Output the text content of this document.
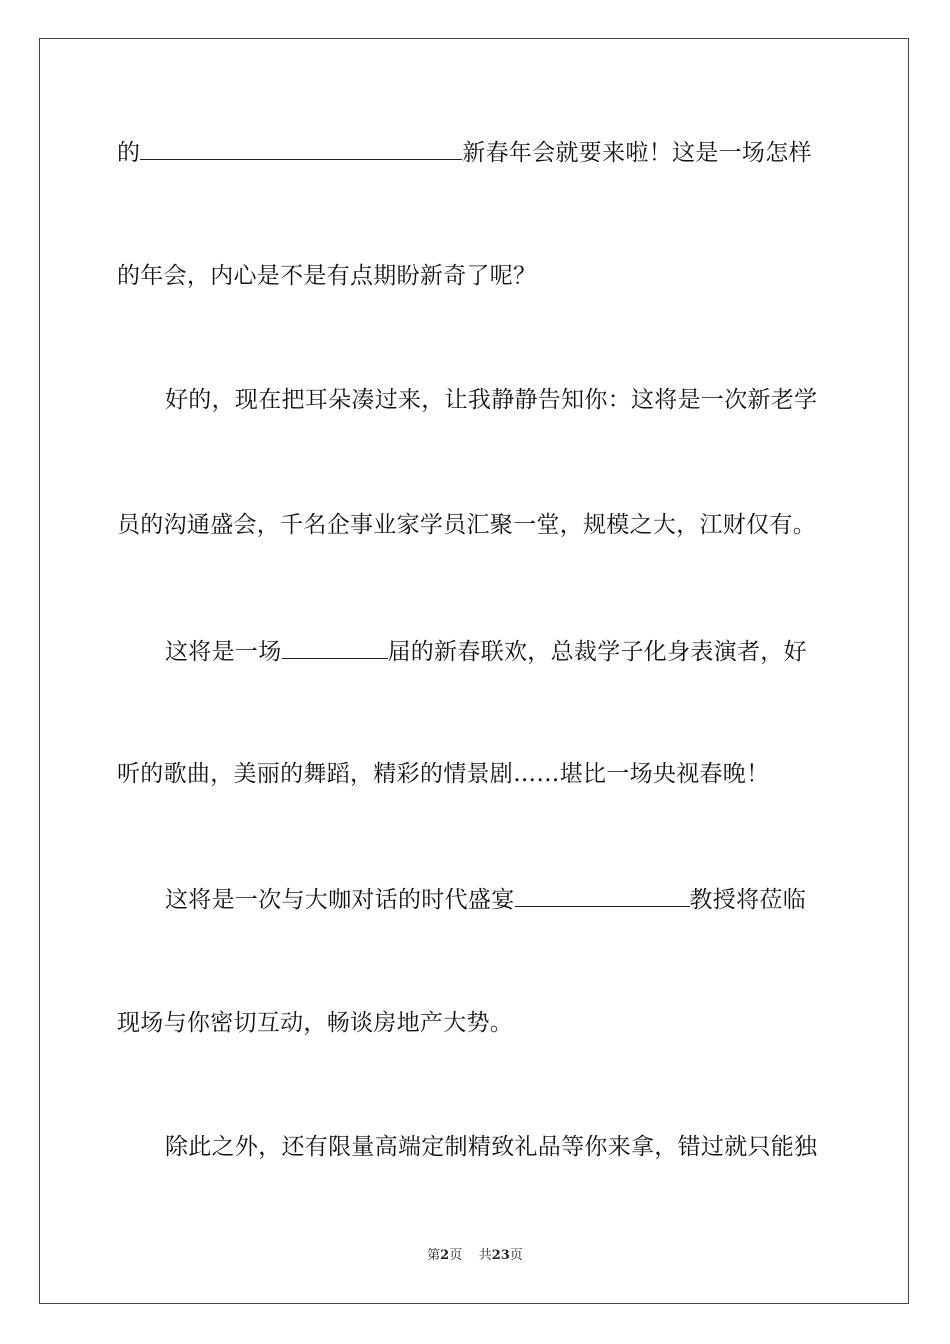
的	新春年会就要来啦！这是一场怎样
的年会，内心是不是有点期盼新奇了呢？
好的，现在把耳朵凑过来，让我静静告知你：这将是一次新老学
员的沟通盛会，千名企事业家学员汇聚一堂，规模之大，江财仅有。
这将是一场	届的新春联欢，总裁学子化身表演者，好
听的歌曲，美丽的舞蹈，精彩的情景剧……堪比一场央视春晚！
这将是一次与大咖对话的时代盛宴	教授将莅临
现场与你密切互动，畅谈房地产大势。
除此之外，还有限量高端定制精致礼品等你来拿，错过就只能独
第2页 共23页
